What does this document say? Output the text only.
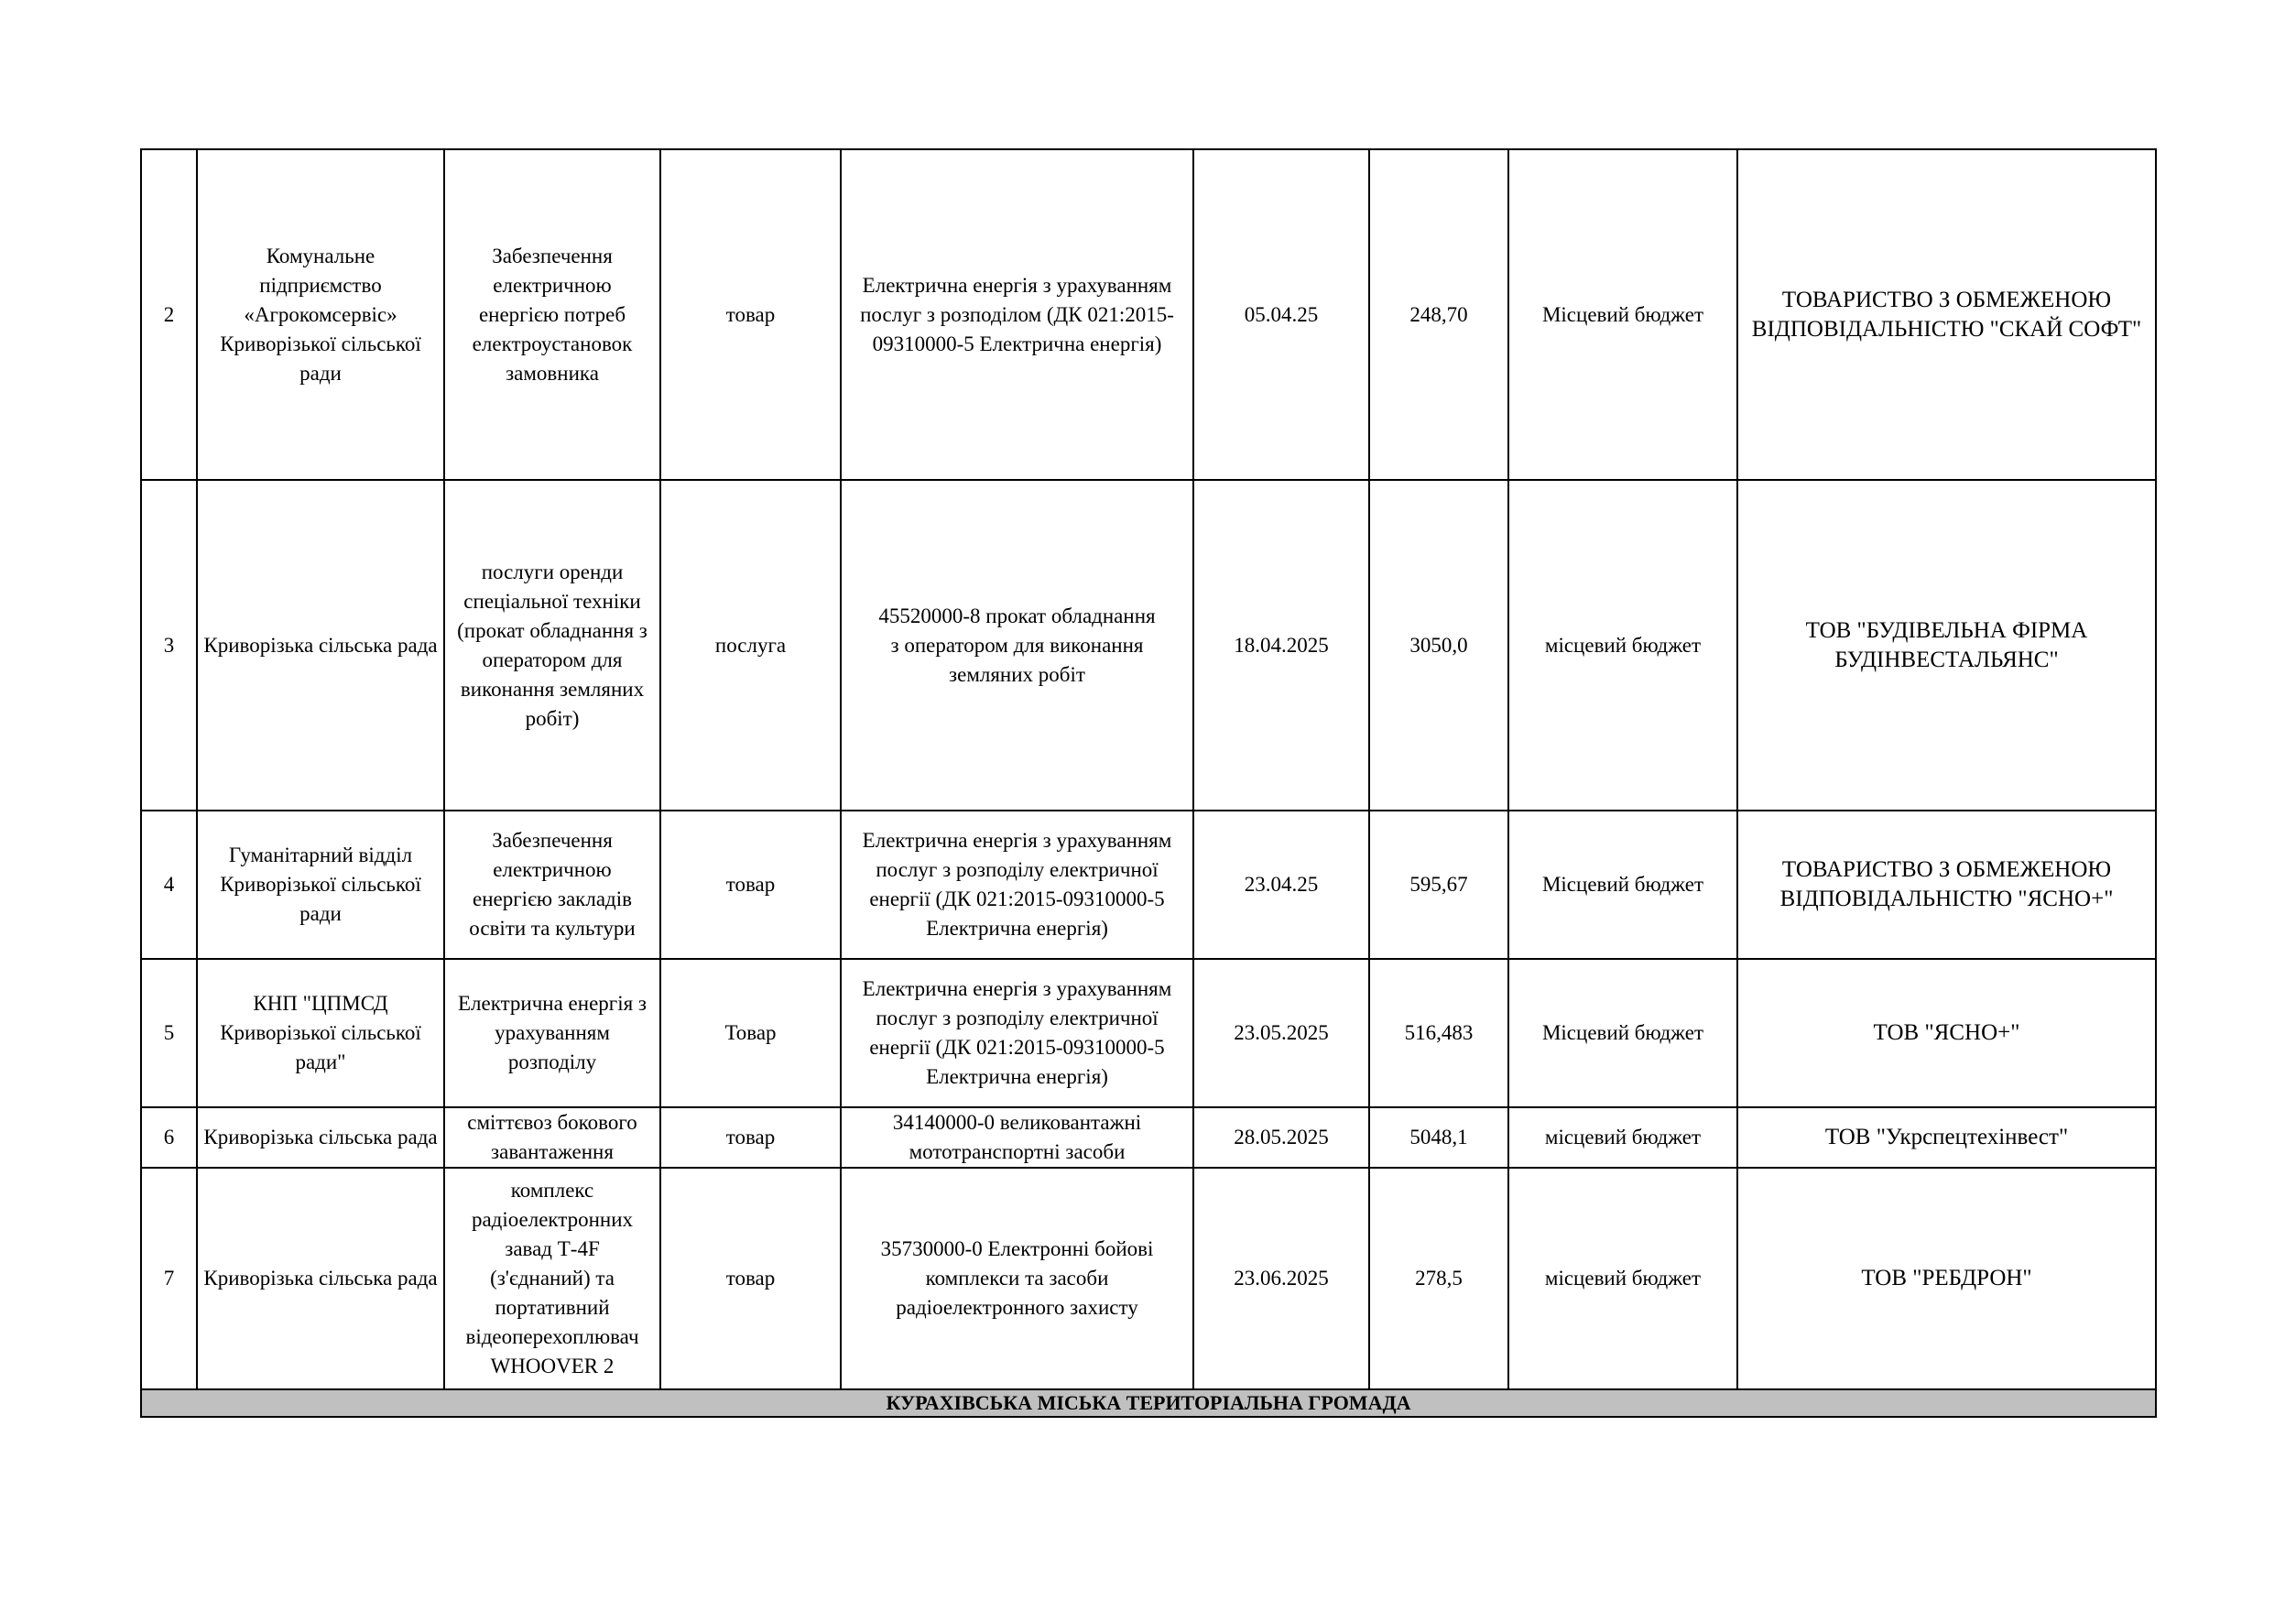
2	Комунальне підприємство «Агрокомсервіс» Криворізької сільської ради	Забезпечення електричною енергією потреб електроустановок замовника	товар	Електрична енергія з урахуванням послуг з розподілом (ДК 021:2015-09310000-5 Електрична енергія)	05.04.25	248,70	Місцевий бюджет	ТОВАРИСТВО З ОБМЕЖЕНОЮ ВІДПОВІДАЛЬНІСТЮ "СКАЙ СОФТ"
3	Криворізька сільська рада	послуги оренди спеціальної техніки (прокат обладнання з оператором для виконання земляних робіт)	послуга	45520000-8 прокат обладнання з оператором для виконання земляних робіт	18.04.2025	3050,0	місцевий бюджет	ТОВ "БУДІВЕЛЬНА ФІРМА БУДІНВЕСТАЛЬЯНС"
4	Гуманітарний відділ Криворізької сільської ради	Забезпечення електричною енергією закладів освіти та культури	товар	Електрична енергія з урахуванням послуг з розподілу електричної енергії (ДК 021:2015-09310000-5 Електрична енергія)	23.04.25	595,67	Місцевий бюджет	ТОВАРИСТВО З ОБМЕЖЕНОЮ ВІДПОВІДАЛЬНІСТЮ "ЯСНО+"
5	КНП "ЦПМСД Криворізької сільської ради"	Електрична енергія з урахуванням розподілу	Товар	Електрична енергія з урахуванням послуг з розподілу електричної енергії (ДК 021:2015-09310000-5 Електрична енергія)	23.05.2025	516,483	Місцевий бюджет	ТОВ "ЯСНО+"
6	Криворізька сільська рада	сміттєвоз бокового завантаження	товар	34140000-0 великовантажні мототранспортні засоби	28.05.2025	5048,1	місцевий бюджет	ТОВ "Укрспецтехінвест"
7	Криворізька сільська рада	комплекс радіоелектронних завад Т-4F (з'єднаний) та портативний відеоперехоплювач WHOOVER 2	товар	35730000-0 Електронні бойові комплекси та засоби радіоелектронного захисту	23.06.2025	278,5	місцевий бюджет	ТОВ "РЕБДРОН"
КУРАХІВСЬКА МІСЬКА ТЕРИТОРІАЛЬНА ГРОМАДА								
